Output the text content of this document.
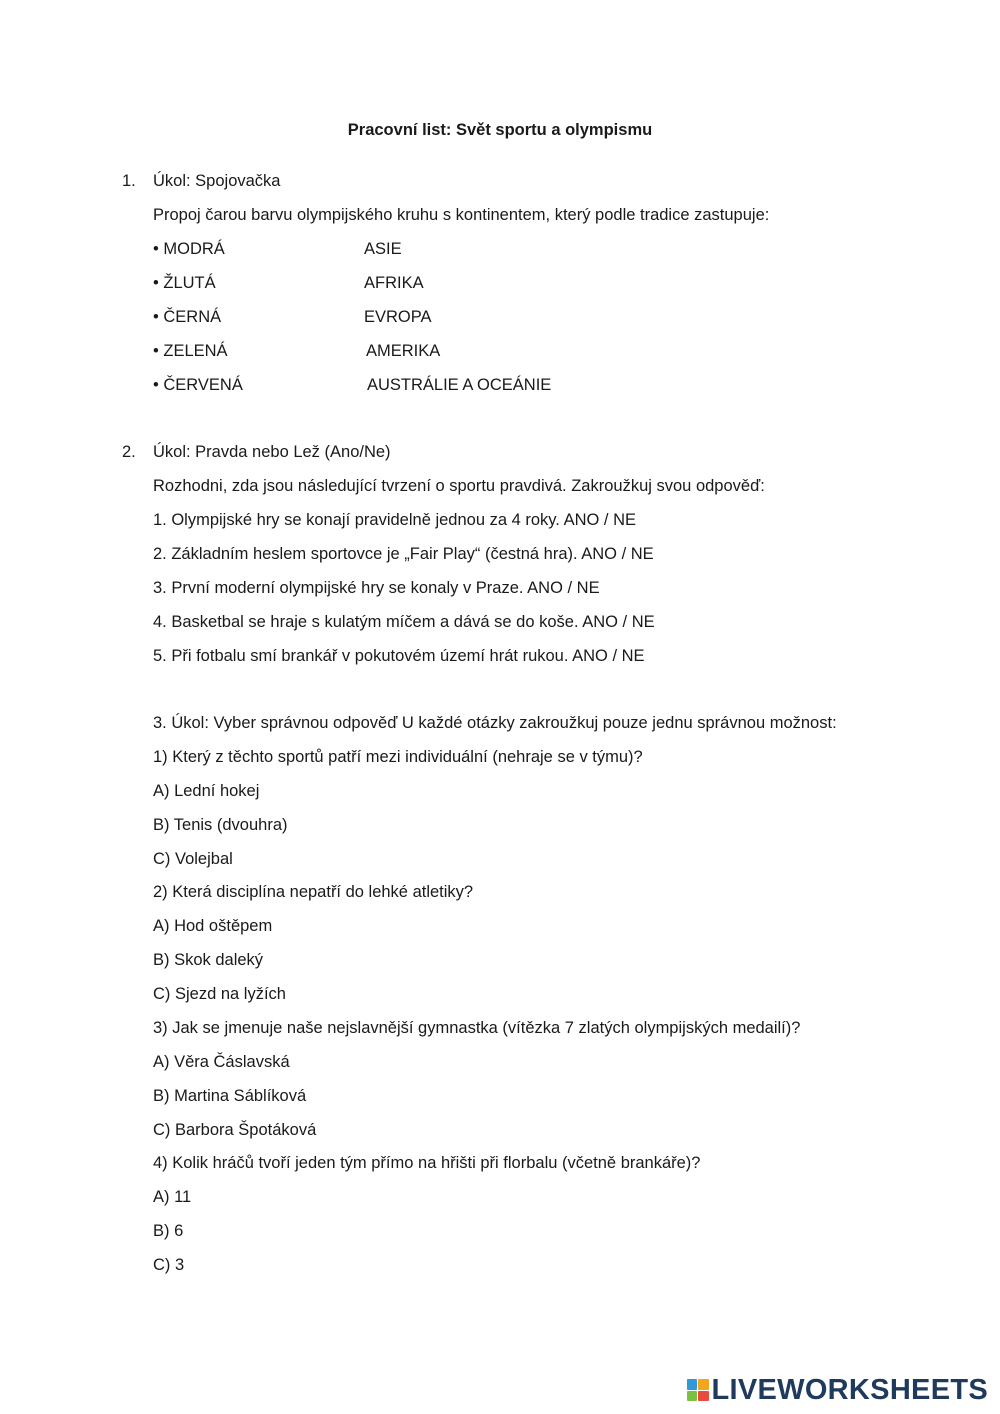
Pracovní list: Svět sportu a olympismu
1. Úkol: Spojovačka
Propoj čarou barvu olympijského kruhu s kontinentem, který podle tradice zastupuje:
• MODRÁ	ASIE
• ŽLUTÁ	AFRIKA
• ČERNÁ	EVROPA
• ZELENÁ	AMERIKA
• ČERVENÁ	AUSTRÁLIE A OCEÁNIE
2. Úkol: Pravda nebo Lež (Ano/Ne)
Rozhodni, zda jsou následující tvrzení o sportu pravdivá. Zakroužkuj svou odpověď:
1. Olympijské hry se konají pravidelně jednou za 4 roky. ANO / NE
2. Základním heslem sportovce je „Fair Play“ (čestná hra). ANO / NE
3. První moderní olympijské hry se konaly v Praze. ANO / NE
4. Basketbal se hraje s kulatým míčem a dává se do koše. ANO / NE
5. Při fotbalu smí brankář v pokutovém území hrát rukou. ANO / NE
3. Úkol: Vyber správnou odpověď U každé otázky zakroužkuj pouze jednu správnou možnost:
1) Který z těchto sportů patří mezi individuální (nehraje se v týmu)?
A) Lední hokej
B) Tenis (dvouhra)
C) Volejbal
2) Která disciplína nepatří do lehké atletiky?
A) Hod oštěpem
B) Skok daleký
C) Sjezd na lyžích
3) Jak se jmenuje naše nejslavnější gymnastka (vítězka 7 zlatých olympijských medailí)?
A) Věra Čáslavská
B) Martina Sáblíková
C) Barbora Špotáková
4) Kolik hráčů tvoří jeden tým přímo na hřišti při florbalu (včetně brankáře)?
A) 11
B) 6
C) 3
LIVEWORKSHEETS
